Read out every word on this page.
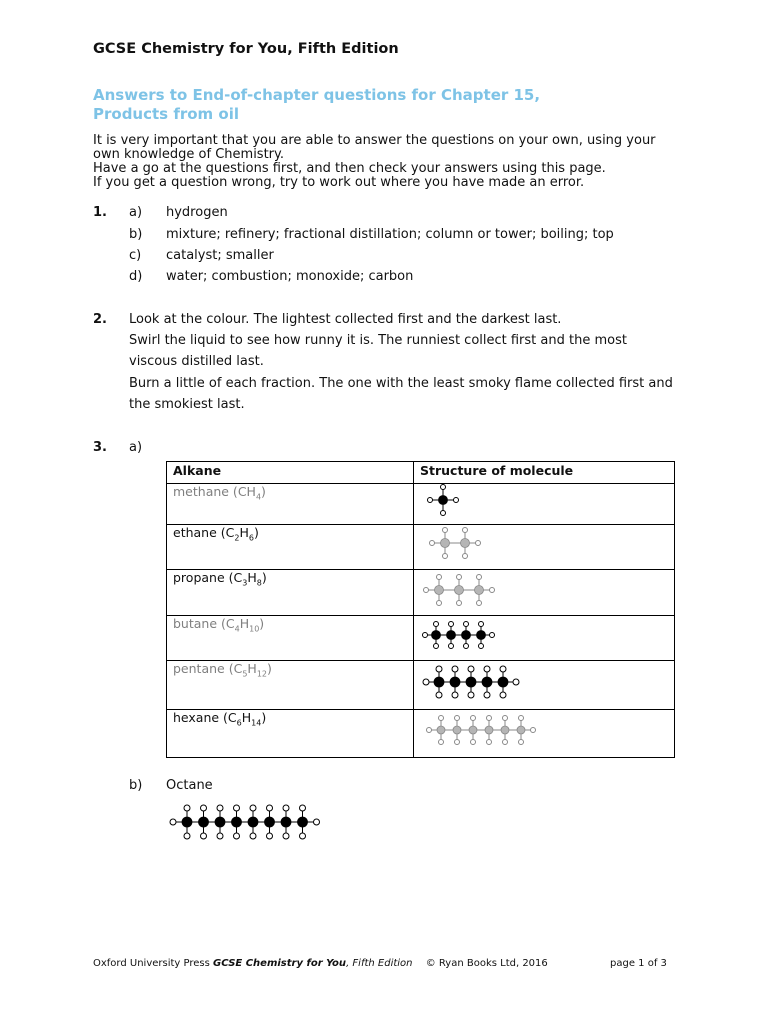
GCSE Chemistry for You, Fifth Edition
Answers to End-of-chapter questions for Chapter 15,
Products from oil
It is very important that you are able to answer the questions on your own, using your
own knowledge of Chemistry.
Have a go at the questions first, and then check your answers using this page.
If you get a question wrong, try to work out where you have made an error.
1. a) hydrogen
b) mixture; refinery; fractional distillation; column or tower; boiling; top
c) catalyst; smaller
d) water; combustion; monoxide; carbon
2. Look at the colour. The lightest collected first and the darkest last.
Swirl the liquid to see how runny it is. The runniest collect first and the most
viscous distilled last.
Burn a little of each fraction. The one with the least smoky flame collected first and
the smokiest last.
3. a)
Alkane	Structure of molecule
methane $(CH_4)$	

ethane $(C_2H_6)$	

propane $(C_3H_8)$	

butane $(C_4H_{10})$	

pentane $(C_5H_{12})$	

hexane $(C_6H_{14})$	
b) Octane
Oxford University Press GCSE Chemistry for You, Fifth Edition © Ryan Books Ltd, 2016	page 1 of 3
